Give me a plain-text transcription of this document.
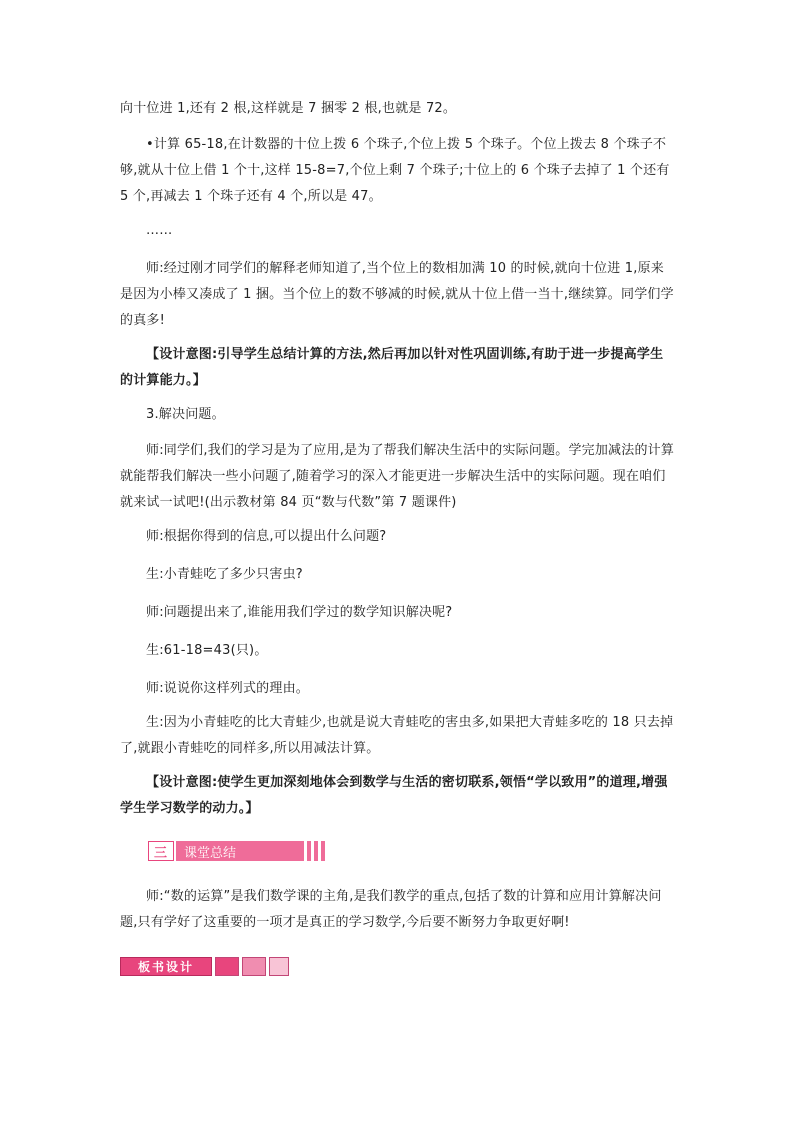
向十位进 1,还有 2 根,这样就是 7 捆零 2 根,也就是 72。

•计算 65-18,在计数器的十位上拨 6 个珠子,个位上拨 5 个珠子。个位上拨去 8 个珠子不够,就从十位上借 1 个十,这样 15-8=7,个位上剩 7 个珠子;十位上的 6 个珠子去掉了 1 个还有 5 个,再减去 1 个珠子还有 4 个,所以是 47。

……

师:经过刚才同学们的解释老师知道了,当个位上的数相加满 10 的时候,就向十位进 1,原来是因为小棒又凑成了 1 捆。当个位上的数不够减的时候,就从十位上借一当十,继续算。同学们学的真多!

【设计意图:引导学生总结计算的方法,然后再加以针对性巩固训练,有助于进一步提高学生的计算能力。】

3.解决问题。

师:同学们,我们的学习是为了应用,是为了帮我们解决生活中的实际问题。学完加减法的计算就能帮我们解决一些小问题了,随着学习的深入才能更进一步解决生活中的实际问题。现在咱们就来试一试吧!(出示教材第 84 页“数与代数”第 7 题课件)

师:根据你得到的信息,可以提出什么问题?

生:小青蛙吃了多少只害虫?

师:问题提出来了,谁能用我们学过的数学知识解决呢?

生:61-18=43(只)。

师:说说你这样列式的理由。

生:因为小青蛙吃的比大青蛙少,也就是说大青蛙吃的害虫多,如果把大青蛙多吃的 18 只去掉了,就跟小青蛙吃的同样多,所以用减法计算。

【设计意图:使学生更加深刻地体会到数学与生活的密切联系,领悟“学以致用”的道理,增强学生学习数学的动力。】

三	课堂总结

师:“数的运算”是我们数学课的主角,是我们教学的重点,包括了数的计算和应用计算解决问题,只有学好了这重要的一项才是真正的学习数学,今后要不断努力争取更好啊!

板书设计
